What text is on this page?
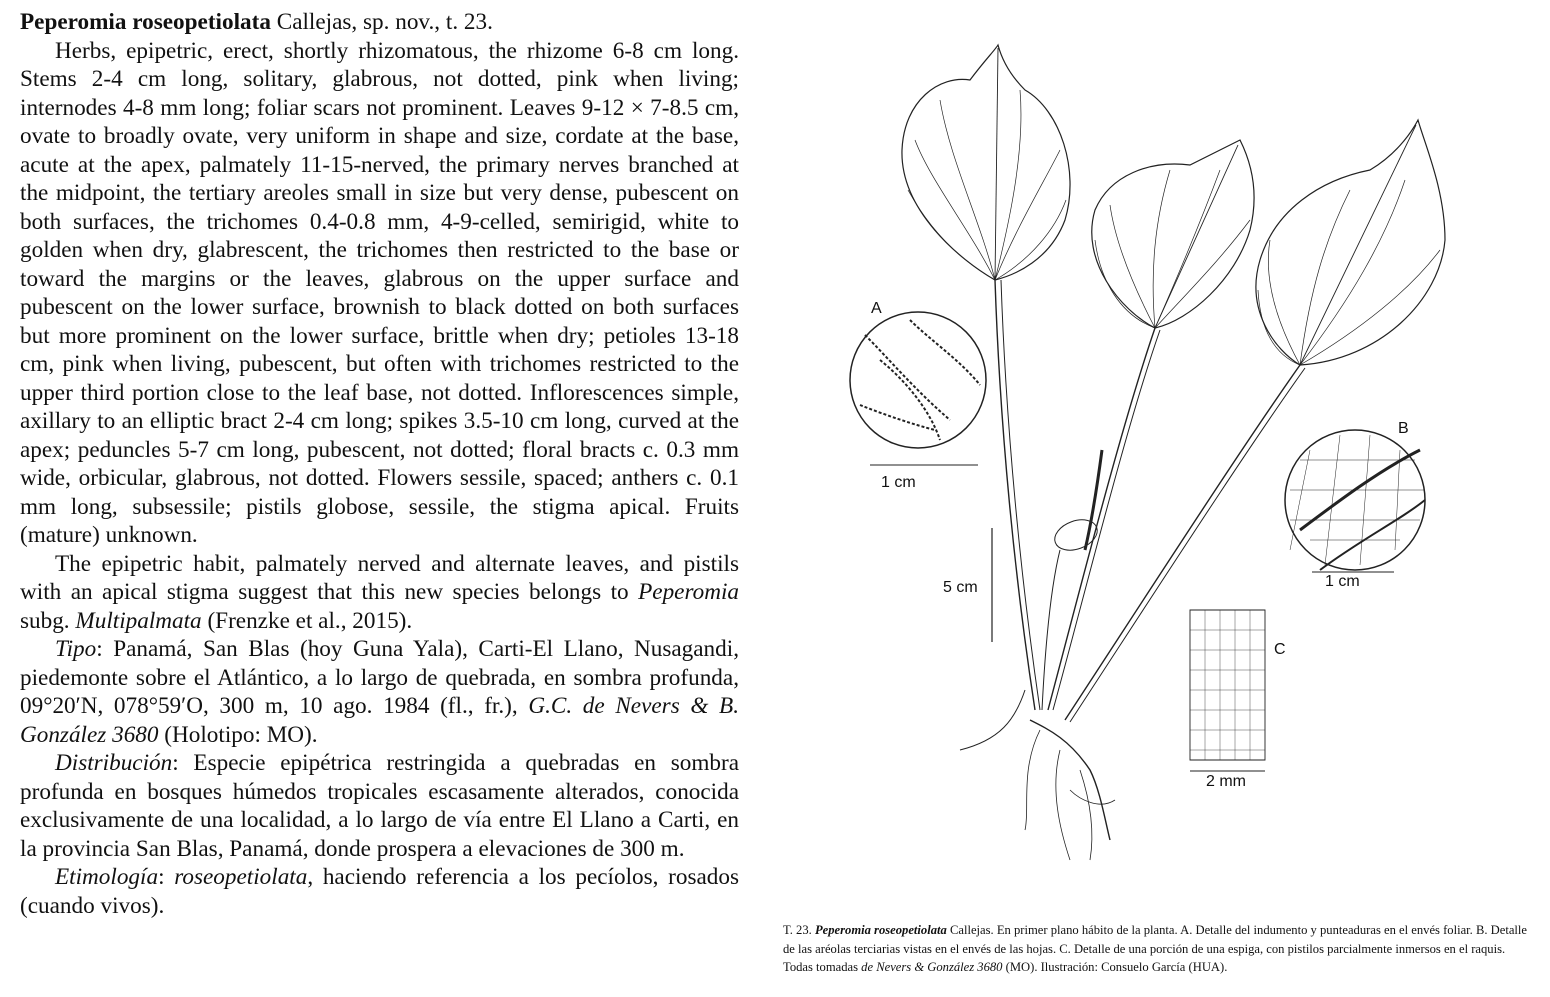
Peperomia roseopetiolata Callejas, sp. nov., t. 23.

Herbs, epipetric, erect, shortly rhizomatous, the rhizome 6-8 cm long. Stems 2-4 cm long, solitary, glabrous, not dotted, pink when living; internodes 4-8 mm long; foliar scars not prominent. Leaves 9-12 × 7-8.5 cm, ovate to broadly ovate, very uniform in shape and size, cordate at the base, acute at the apex, palmately 11-15-nerved, the primary nerves branched at the midpoint, the tertiary areoles small in size but very dense, pubescent on both surfaces, the trichomes 0.4-0.8 mm, 4-9-celled, semirigid, white to golden when dry, glabrescent, the trichomes then restricted to the base or toward the margins or the leaves, glabrous on the upper surface and pubescent on the lower surface, brownish to black dotted on both surfaces but more prominent on the lower surface, brittle when dry; petioles 13-18 cm, pink when living, pubescent, but often with trichomes restricted to the upper third portion close to the leaf base, not dotted. Inflorescences simple, axillary to an elliptic bract 2-4 cm long; spikes 3.5-10 cm long, curved at the apex; peduncles 5-7 cm long, pubescent, not dotted; floral bracts c. 0.3 mm wide, orbicular, glabrous, not dotted. Flowers sessile, spaced; anthers c. 0.1 mm long, subsessile; pistils globose, sessile, the stigma apical. Fruits (mature) unknown.

The epipetric habit, palmately nerved and alternate leaves, and pistils with an apical stigma suggest that this new species belongs to Peperomia subg. Multipalmata (Frenzke et al., 2015).

Tipo: Panamá, San Blas (hoy Guna Yala), Carti-El Llano, Nusagandi, piedemonte sobre el Atlántico, a lo largo de quebrada, en sombra profunda, 09°20′N, 078°59′O, 300 m, 10 ago. 1984 (fl., fr.), G.C. de Nevers & B. González 3680 (Holotipo: MO).

Distribución: Especie epipétrica restringida a quebradas en sombra profunda en bosques húmedos tropicales escasamente alterados, conocida exclusivamente de una localidad, a lo largo de vía entre El Llano a Carti, en la provincia San Blas, Panamá, donde prospera a elevaciones de 300 m.

Etimología: roseopetiolata, haciendo referencia a los pecíolos, rosados (cuando vivos).

A
B
C
1 cm
1 cm
2 mm
5 cm

T. 23. Peperomia roseopetiolata Callejas. En primer plano hábito de la planta. A. Detalle del indumento y punteaduras en el envés foliar. B. Detalle de las aréolas terciarias vistas en el envés de las hojas. C. Detalle de una porción de una espiga, con pistilos parcialmente inmersos en el raquis. Todas tomadas de Nevers & González 3680 (MO). Ilustración: Consuelo García (HUA).
